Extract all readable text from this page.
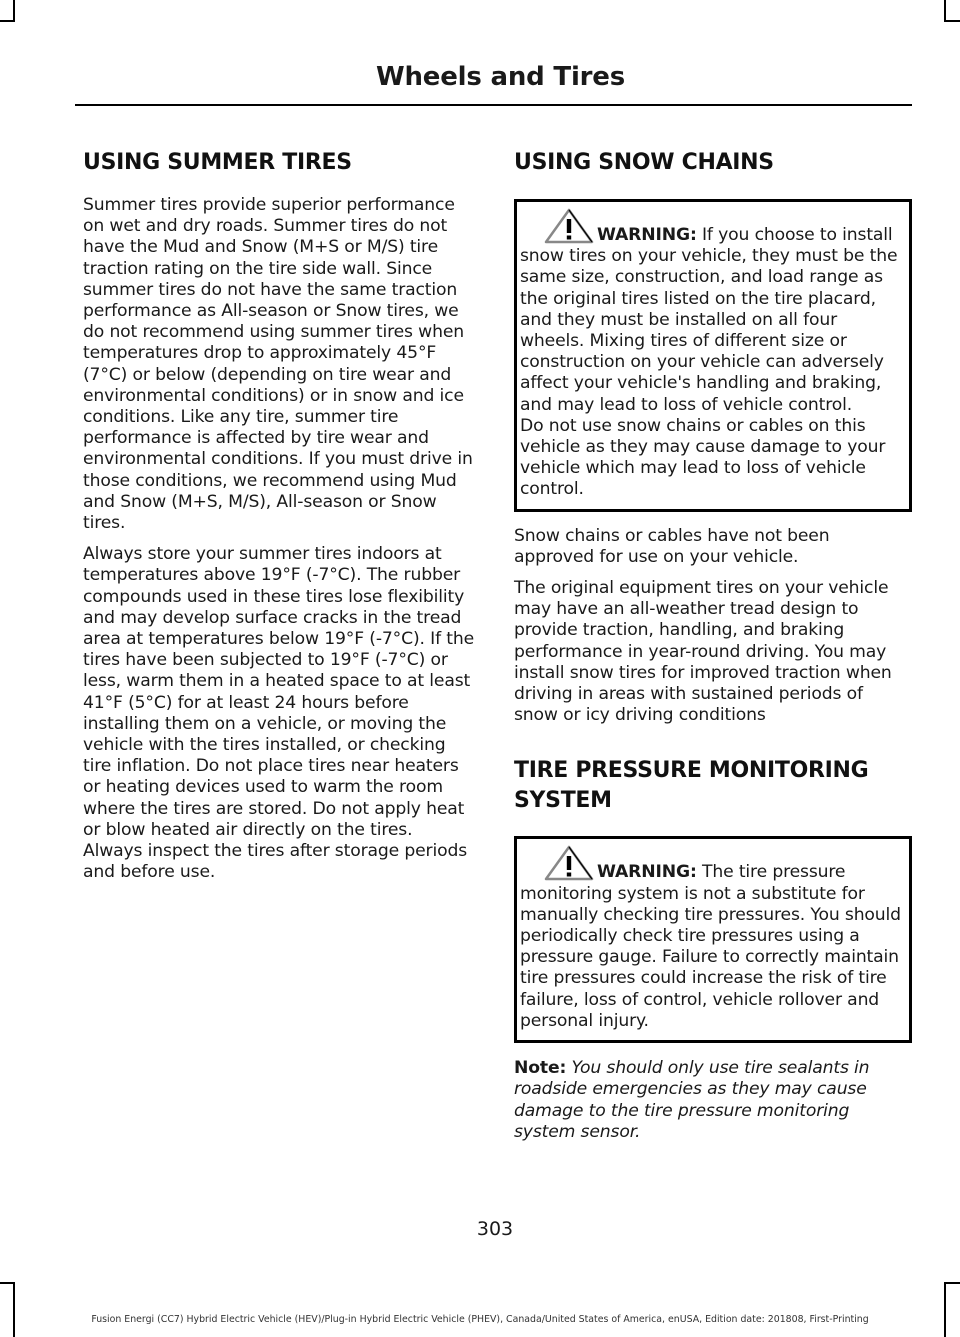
Wheels and Tires
USING SUMMER TIRES

Summer tires provide superior performance on wet and dry roads. Summer tires do not have the Mud and Snow (M+S or M/S) tire traction rating on the tire side wall. Since summer tires do not have the same traction performance as All-season or Snow tires, we do not recommend using summer tires when temperatures drop to approximately 45°F (7°C) or below (depending on tire wear and environmental conditions) or in snow and ice conditions. Like any tire, summer tire performance is affected by tire wear and environmental conditions. If you must drive in those conditions, we recommend using Mud and Snow (M+S, M/S), All-season or Snow tires.

Always store your summer tires indoors at temperatures above 19°F (-7°C). The rubber compounds used in these tires lose flexibility and may develop surface cracks in the tread area at temperatures below 19°F (-7°C). If the tires have been subjected to 19°F (-7°C) or less, warm them in a heated space to at least 41°F (5°C) for at least 24 hours before installing them on a vehicle, or moving the vehicle with the tires installed, or checking tire inflation. Do not place tires near heaters or heating devices used to warm the room where the tires are stored. Do not apply heat or blow heated air directly on the tires. Always inspect the tires after storage periods and before use.

USING SNOW CHAINS

WARNING: If you choose to install snow tires on your vehicle, they must be the same size, construction, and load range as the original tires listed on the tire placard, and they must be installed on all four wheels. Mixing tires of different size or construction on your vehicle can adversely affect your vehicle's handling and braking, and may lead to loss of vehicle control.

Do not use snow chains or cables on this vehicle as they may cause damage to your vehicle which may lead to loss of vehicle control.

Snow chains or cables have not been approved for use on your vehicle.

The original equipment tires on your vehicle may have an all-weather tread design to provide traction, handling, and braking performance in year-round driving. You may install snow tires for improved traction when driving in areas with sustained periods of snow or icy driving conditions

TIRE PRESSURE MONITORING
SYSTEM

WARNING: The tire pressure monitoring system is not a substitute for manually checking tire pressures. You should periodically check tire pressures using a pressure gauge. Failure to correctly maintain tire pressures could increase the risk of tire failure, loss of control, vehicle rollover and personal injury.

Note: You should only use tire sealants in roadside emergencies as they may cause damage to the tire pressure monitoring system sensor.

303
Fusion Energi (CC7) Hybrid Electric Vehicle (HEV)/Plug-in Hybrid Electric Vehicle (PHEV), Canada/United States of America, enUSA, Edition date: 201808, First-Printing
